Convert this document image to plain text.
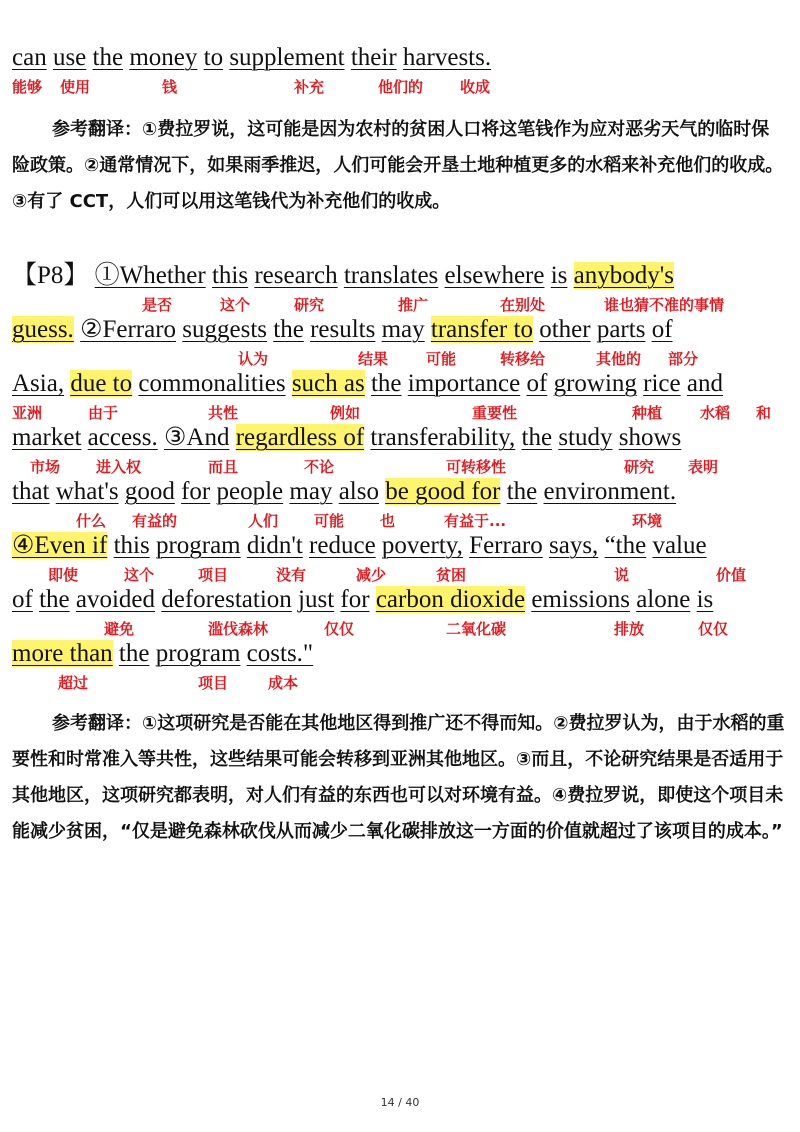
can use the money to supplement their harvests.
能够 使用	钱	补充	他们的 收成
参考翻译：①费拉罗说，这可能是因为农村的贫困人口将这笔钱作为应对恶劣天气的临时保险政策。②通常情况下，如果雨季推迟，人们可能会开垦土地种植更多的水稻来补充他们的收成。③有了 CCT，人们可以用这笔钱代为补充他们的收成。
【P8】 ①Whether this research translates elsewhere is anybody's
是否	这个	研究	推广	在别处	谁也猜不准的事情
guess. ②Ferraro suggests the results may transfer to other parts of
认为	结果	可能	转移给	其他的 部分
Asia, due to commonalities such as the importance of growing rice and
亚洲	由于	共性	例如	重要性	种植	水稻 和
market access. ③And regardless of transferability, the study shows
市场 进入权	而且	不论	可转移性	研究 表明
that what's good for people may also be good for the environment.
什么 有益的	人们 可能 也	有益于...	环境
④Even if this program didn't reduce poverty, Ferraro says, “the value
即使	这个	项目	没有	减少	贫困	说	价值
of the avoided deforestation just for carbon dioxide emissions alone is
避免	滥伐森林	仅仅	二氧化碳	排放	仅仅
more than the program costs."
超过	项目	成本
参考翻译：①这项研究是否能在其他地区得到推广还不得而知。②费拉罗认为，由于水稻的重要性和时常准入等共性，这些结果可能会转移到亚洲其他地区。③而且，不论研究结果是否适用于其他地区，这项研究都表明，对人们有益的东西也可以对环境有益。④费拉罗说，即使这个项目未能减少贫困，“仅是避免森林砍伐从而减少二氧化碳排放这一方面的价值就超过了该项目的成本。”
14 / 40
